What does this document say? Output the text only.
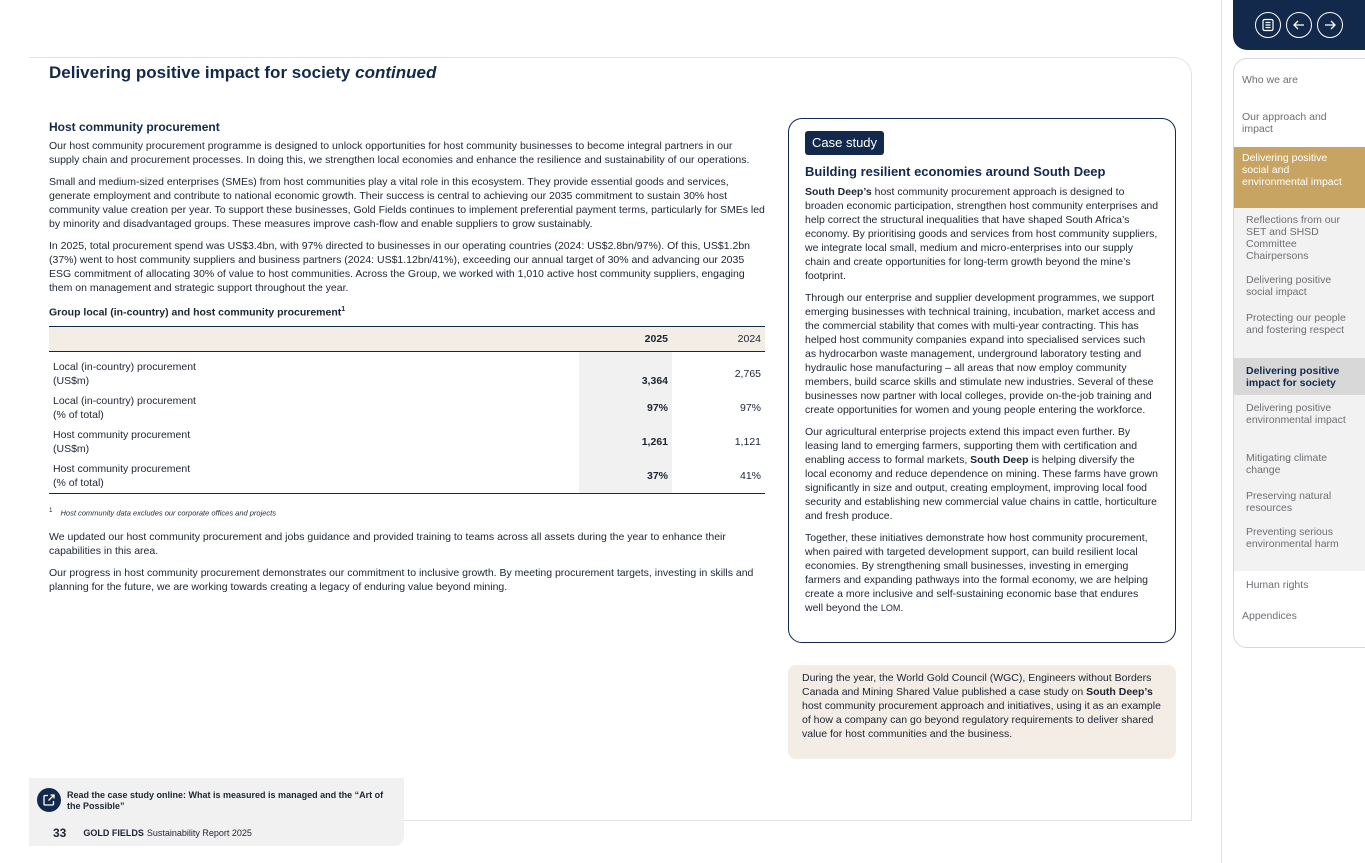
Delivering positive impact for society continued
Host community procurement

Our host community procurement programme is designed to unlock opportunities for host community businesses to become integral partners in our supply chain and procurement processes. In doing this, we strengthen local economies and enhance the resilience and sustainability of our operations.

Small and medium-sized enterprises (SMEs) from host communities play a vital role in this ecosystem. They provide essential goods and services, generate employment and contribute to national economic growth. Their success is central to achieving our 2035 commitment to sustain 30% host community value creation per year. To support these businesses, Gold Fields continues to implement preferential payment terms, particularly for SMEs led by minority and disadvantaged groups. These measures improve cash-flow and enable suppliers to grow sustainably.

In 2025, total procurement spend was US$3.4bn, with 97% directed to businesses in our operating countries (2024: US$2.8bn/97%). Of this, US$1.2bn (37%) went to host community suppliers and business partners (2024: US$1.12bn/41%), exceeding our annual target of 30% and advancing our 2035 ESG commitment of allocating 30% of value to host communities. Across the Group, we worked with 1,010 active host community suppliers, engaging them on management and strategic support throughout the year.

Group local (in-country) and host community procurement$^1$
	2025	2024
Local (in-country) procurement
(US$m)	3,364	2,765
Local (in-country) procurement
(% of total)	97%	97%
Host community procurement
(US$m)	1,261	1,121
Host community procurement
(% of total)	37%	41%
$^1$ Host community data excludes our corporate offices and projects

We updated our host community procurement and jobs guidance and provided training to teams across all assets during the year to enhance their capabilities in this area.

Our progress in host community procurement demonstrates our commitment to inclusive growth. By meeting procurement targets, investing in skills and planning for the future, we are working towards creating a legacy of enduring value beyond mining.

Case study
Building resilient economies around South Deep

South Deep’s host community procurement approach is designed to broaden economic participation, strengthen host community enterprises and help correct the structural inequalities that have shaped South Africa’s economy. By prioritising goods and services from host community suppliers, we integrate local small, medium and micro-enterprises into our supply chain and create opportunities for long-term growth beyond the mine’s footprint.

Through our enterprise and supplier development programmes, we support emerging businesses with technical training, incubation, market access and the commercial stability that comes with multi-year contracting. This has helped host community companies expand into specialised services such as hydrocarbon waste management, underground laboratory testing and hydraulic hose manufacturing – all areas that now employ community members, build scarce skills and stimulate new industries. Several of these businesses now partner with local colleges, provide on-the-job training and create opportunities for women and young people entering the workforce.

Our agricultural enterprise projects extend this impact even further. By leasing land to emerging farmers, supporting them with certification and enabling access to formal markets, South Deep is helping diversify the local economy and reduce dependence on mining. These farms have grown significantly in size and output, creating employment, improving local food security and establishing new commercial value chains in cattle, horticulture and fresh produce.

Together, these initiatives demonstrate how host community procurement, when paired with targeted development support, can build resilient local economies. By strengthening small businesses, investing in emerging farmers and expanding pathways into the formal economy, we are helping create a more inclusive and self-sustaining economic base that endures well beyond the LOM.

During the year, the World Gold Council (WGC), Engineers without Borders Canada and Mining Shared Value published a case study on South Deep’s host community procurement approach and initiatives, using it as an example of how a company can go beyond regulatory requirements to deliver shared value for host communities and the business.
Read the case study online: What is measured is managed and the “Art of the Possible”
33 GOLD FIELDS Sustainability Report 2025
Who we are
Our approach and impact
Delivering positive social and environmental impact
Reflections from our SET and SHSD Committee Chairpersons
Delivering positive social impact
Protecting our people and fostering respect
Delivering positive impact for society
Delivering positive environmental impact
Mitigating climate change
Preserving natural resources
Preventing serious environmental harm
Human rights
Appendices
